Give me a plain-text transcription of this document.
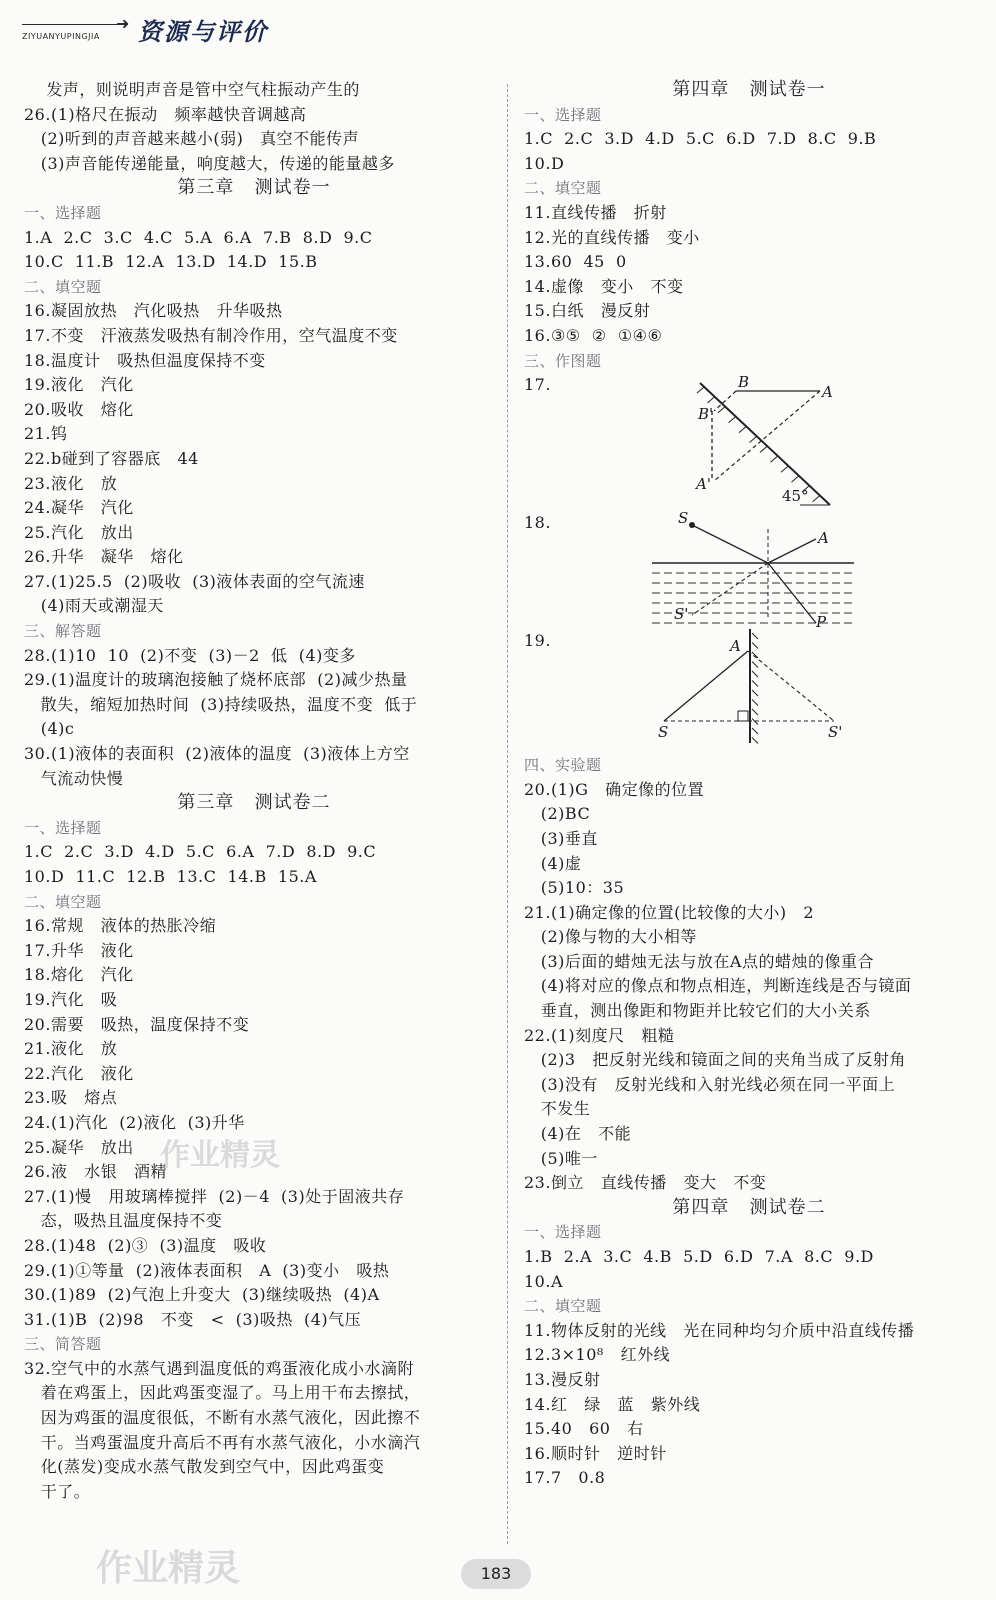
ZIYUANYUPINGJIA
➜ 资源与评价
发声，则说明声音是管中空气柱振动产生的
26.(1)格尺在振动   频率越快音调越高
(2)听到的声音越来越小(弱)   真空不能传声
(3)声音能传递能量，响度越大，传递的能量越多
第三章   测试卷一
一、选择题
1.A  2.C  3.C  4.C  5.A  6.A  7.B  8.D  9.C
10.C  11.B  12.A  13.D  14.D  15.B
二、填空题
16.凝固放热   汽化吸热   升华吸热
17.不变   汗液蒸发吸热有制冷作用，空气温度不变
18.温度计   吸热但温度保持不变
19.液化   汽化
20.吸收   熔化
21.钨
22.b碰到了容器底   44
23.液化   放
24.凝华   汽化
25.汽化   放出
26.升华   凝华   熔化
27.(1)25.5  (2)吸收  (3)液体表面的空气流速
(4)雨天或潮湿天
三、解答题
28.(1)10  10  (2)不变  (3)－2  低  (4)变多
29.(1)温度计的玻璃泡接触了烧杯底部  (2)减少热量
散失，缩短加热时间  (3)持续吸热，温度不变  低于
(4)c
30.(1)液体的表面积  (2)液体的温度  (3)液体上方空
气流动快慢
第三章   测试卷二
一、选择题
1.C  2.C  3.D  4.D  5.C  6.A  7.D  8.D  9.C
10.D  11.C  12.B  13.C  14.B  15.A
二、填空题
16.常规   液体的热胀冷缩
17.升华   液化
18.熔化   汽化
19.汽化   吸
20.需要   吸热，温度保持不变
21.液化   放
22.汽化   液化
23.吸   熔点
24.(1)汽化  (2)液化  (3)升华
25.凝华   放出
26.液   水银   酒精
27.(1)慢   用玻璃棒搅拌  (2)－4  (3)处于固液共存
态，吸热且温度保持不变
28.(1)48  (2)③  (3)温度   吸收
29.(1)①等量  (2)液体表面积   A  (3)变小   吸热
30.(1)89  (2)气泡上升变大  (3)继续吸热  (4)A
31.(1)B  (2)98   不变   <  (3)吸热  (4)气压
三、简答题
32.空气中的水蒸气遇到温度低的鸡蛋液化成小水滴附
着在鸡蛋上，因此鸡蛋变湿了。马上用干布去擦拭，
因为鸡蛋的温度很低，不断有水蒸气液化，因此擦不
干。当鸡蛋温度升高后不再有水蒸气液化，小水滴汽
化(蒸发)变成水蒸气散发到空气中，因此鸡蛋变
干了。
第四章   测试卷一
一、选择题
1.C  2.C  3.D  4.D  5.C  6.D  7.D  8.C  9.B
10.D
二、填空题
11.直线传播   折射
12.光的直线传播   变小
13.60  45  0
14.虚像   变小   不变
15.白纸   漫反射
16.③⑤  ②  ①④⑥
三、作图题
17.	B
A
B'
A'
45°
18.	S
A
S'	P
19.	A
S	S'
四、实验题
20.(1)G   确定像的位置
(2)BC
(3)垂直
(4)虚
(5)10：35
21.(1)确定像的位置(比较像的大小)   2
(2)像与物的大小相等
(3)后面的蜡烛无法与放在A点的蜡烛的像重合
(4)将对应的像点和物点相连，判断连线是否与镜面
垂直，测出像距和物距并比较它们的大小关系
22.(1)刻度尺   粗糙
(2)3   把反射光线和镜面之间的夹角当成了反射角
(3)没有   反射光线和入射光线必须在同一平面上
不发生
(4)在   不能
(5)唯一
23.倒立   直线传播   变大   不变
第四章   测试卷二
一、选择题
1.B  2.A  3.C  4.B  5.D  6.D  7.A  8.C  9.D
10.A
二、填空题
11.物体反射的光线   光在同种均匀介质中沿直线传播
12.3×10⁸   红外线
13.漫反射
14.红   绿   蓝   紫外线
15.40   60   右
16.顺时针   逆时针
17.7   0.8
作业精灵
作业精灵	183
